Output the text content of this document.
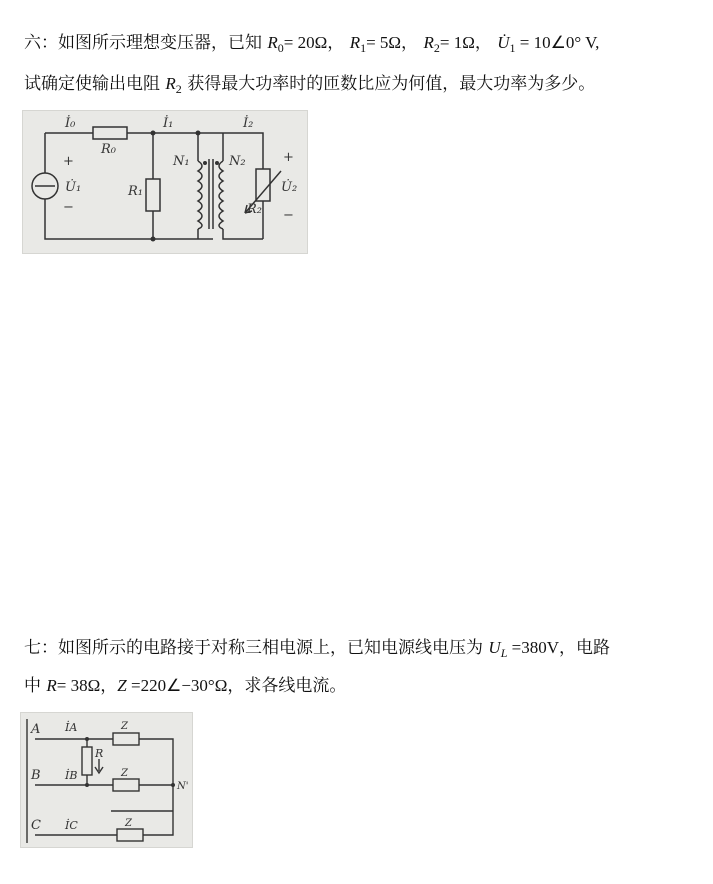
六：如图所示理想变压器，已知 $R_0= 20\Omega$， $R_1= 5\Omega$， $R_2= 1\Omega$， $U̇_1$ = 10∠0° V,
试确定使输出电阻 $R_2$ 获得最大功率时的匝数比应为何值，最大功率为多少。
R₀
R₁
N₁	N₂
R₂
U̇₁	U̇₂
+
−
+
−
İ₀	İ₁	İ₂
七：如图所示的电路接于对称三相电源上，已知电源线电压为 $U_L =380V$，电路
中 R= 38Ω，Z =220∠−30°Ω，求各线电流。
A
B
C
Z
Z
Z
R
İA
İB
İC
N'
